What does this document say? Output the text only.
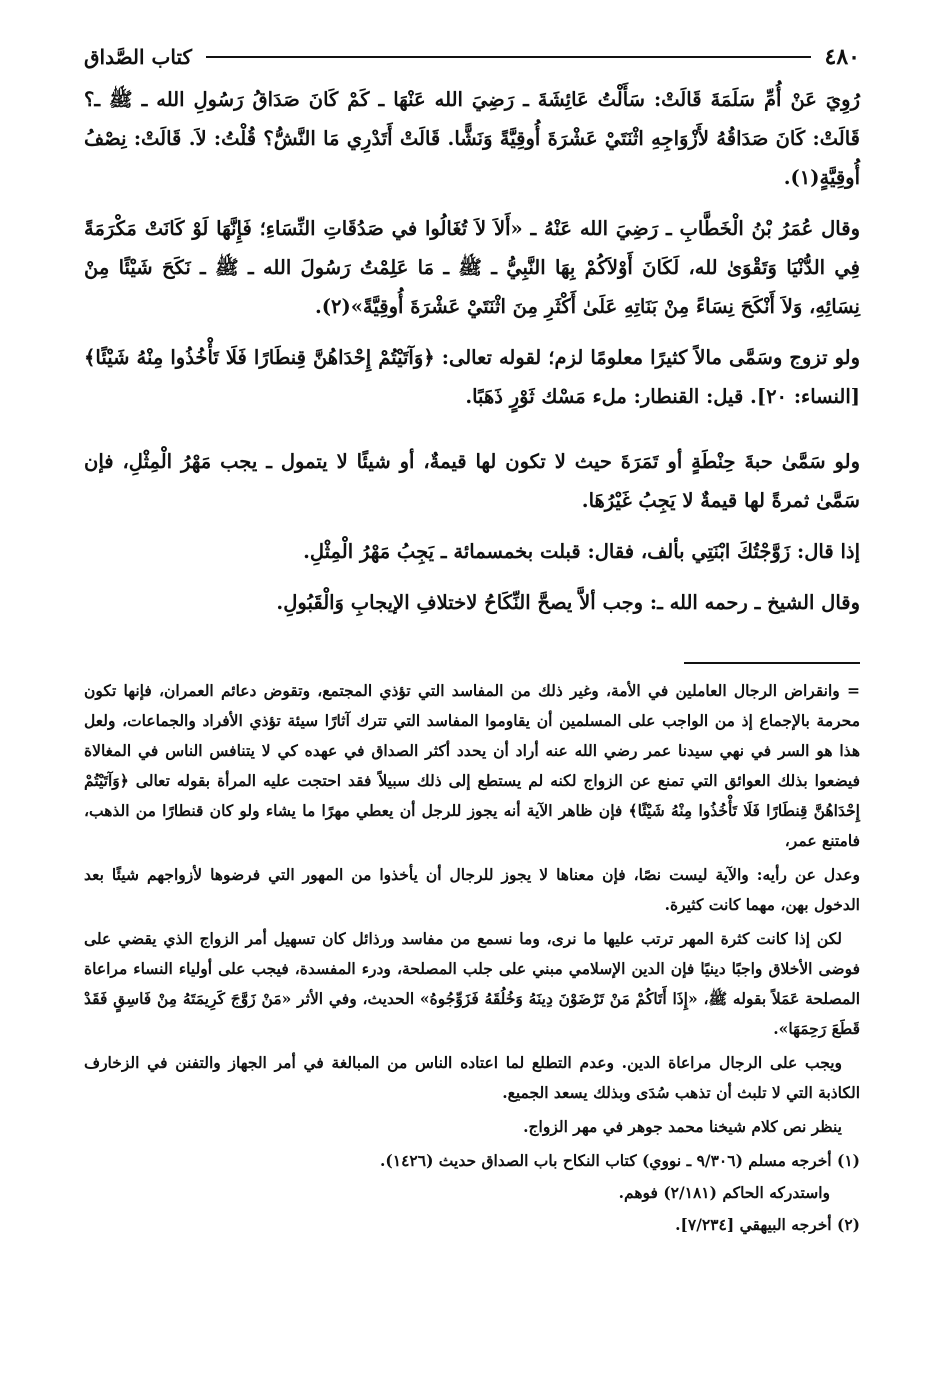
٤٨٠
كتاب الصَّداق

رُوِيَ عَنْ أُمِّ سَلَمَةَ قَالَتْ: سَأَلْتُ عَائِشَةَ ـ رَضِيَ الله عَنْهَا ـ كَمْ كَانَ صَدَاقُ رَسُولِ الله ـ ﷺ ـ؟ قَالَتْ: كَانَ صَدَاقُهُ لأَزْوَاجِهِ اثْنَتَيْ عَشْرَةَ أُوقِيَّةً وَنَشًّا. قَالَتْ أَتَدْرِي مَا النَّشُّ؟ قُلْتُ: لاَ. قَالَتْ: نِصْفُ أُوقِيَّةٍ(١).

وقال عُمَرُ بْنُ الْخَطَّابِ ـ رَضِيَ الله عَنْهُ ـ «أَلاَ لاَ تُغَالُوا في صَدُقَاتِ النِّسَاءِ؛ فَإِنَّهَا لَوْ كَانَتْ مَكْرَمَةً فِي الدُّنْيَا وَتَقْوَىٰ لله، لَكَانَ أَوْلاَكُمْ بِهَا النَّبِيُّ ـ ﷺ ـ مَا عَلِمْتُ رَسُولَ الله ـ ﷺ ـ نَكَحَ شَيْئًا مِنْ نِسَائِهِ، وَلاَ أَنْكَحَ نِسَاءً مِنْ بَنَاتِهِ عَلَىٰ أَكْثَرِ مِنَ اثْنَتَيْ عَشْرَةَ أُوقِيَّةً»(٢).

ولو تزوج وسَمَّى مالاً كثيرًا معلومًا لزم؛ لقوله تعالى: ﴿وَآتَيْتُمْ إِحْدَاهُنَّ قِنطَارًا فَلَا تَأْخُذُوا مِنْهُ شَيْئًا﴾ [النساء: ٢٠]. قيل: القنطار: ملء مَسْك ثَوْرٍ ذَهَبًا.

ولو سَمَّىٰ حبةَ حِنْطَةٍ أو تَمَرَةَ حيث لا تكون لها قيمةٌ، أو شيئًا لا يتمول ـ يجب مَهْرُ الْمِثْلِ، فإن سَمَّىٰ ثمرةً لها قيمةٌ لا يَجِبُ غَيْرُهَا.

إذا قال: زَوَّجْتُكَ ابْنَتِي بألف، فقال: قبلت بخمسمائة ـ يَجِبُ مَهْرُ الْمِثْلِ.

وقال الشيخ ـ رحمه الله ـ: وجب ألاَّ يصحَّ النِّكَاحُ لاختلافِ الإيجابِ وَالْقَبُولِ.

= وانقراض الرجال العاملين في الأمة، وغير ذلك من المفاسد التي تؤذي المجتمع، وتقوض دعائم العمران، فإنها تكون محرمة بالإجماع إذ من الواجب على المسلمين أن يقاوموا المفاسد التي تترك آثارًا سيئة تؤذي الأفراد والجماعات، ولعل هذا هو السر في نهي سيدنا عمر رضي الله عنه أراد أن يحدد أكثر الصداق في عهده كي لا يتنافس الناس في المغالاة فيضعوا بذلك العوائق التي تمنع عن الزواج لكنه لم يستطع إلى ذلك سبيلاً فقد احتجت عليه المرأة بقوله تعالى ﴿وَآتَيْتُمْ إِحْدَاهُنَّ قِنطَارًا فَلَا تَأْخُذُوا مِنْهُ شَيْئًا﴾ فإن ظاهر الآية أنه يجوز للرجل أن يعطي مهرًا ما يشاء ولو كان قنطارًا من الذهب، فامتنع عمر،

وعدل عن رأيه: والآية ليست نصًا، فإن معناها لا يجوز للرجال أن يأخذوا من المهور التي فرضوها لأزواجهم شيئًا بعد الدخول بهن، مهما كانت كثيرة.

لكن إذا كانت كثرة المهر ترتب عليها ما نرى، وما نسمع من مفاسد ورذائل كان تسهيل أمر الزواج الذي يقضي على فوضى الأخلاق واجبًا دينيًا فإن الدين الإسلامي مبني على جلب المصلحة، ودرء المفسدة، فيجب على أولياء النساء مراعاة المصلحة عَمَلاً بقوله ﷺ، «إِذَا أَتَاكُمْ مَنْ تَرْضَوْنَ دِينَهُ وَخُلُقَهُ فَزَوِّجُوهُ» الحديث، وفي الأثر «مَنْ زَوَّجَ كَرِيمَتَهُ مِنْ فَاسِقٍ فَقَدْ قَطَعَ رَحِمَهَا».

ويجب على الرجال مراعاة الدين. وعدم التطلع لما اعتاده الناس من المبالغة في أمر الجهاز والتفنن في الزخارف الكاذبة التي لا تلبث أن تذهب سُدَى وبذلك يسعد الجميع.

ينظر نص كلام شيخنا محمد جوهر في مهر الزواج.

(١) أخرجه مسلم (٩/٣٠٦ ـ نووي) كتاب النكاح باب الصداق حديث (١٤٢٦).

واستدركه الحاكم (٢/١٨١) فوهم.

(٢) أخرجه البيهقي [٧/٢٣٤].
